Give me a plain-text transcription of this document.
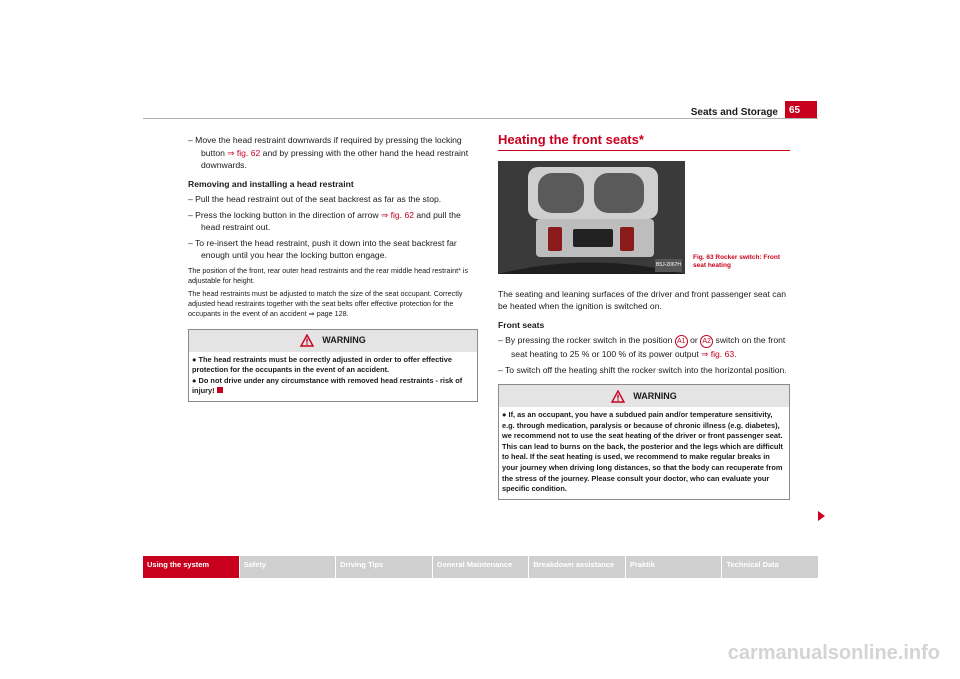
Seats and Storage	65
– Move the head restraint downwards if required by pressing the locking button ⇒ fig. 62 and by pressing with the other hand the head restraint downwards.
Removing and installing a head restraint
– Pull the head restraint out of the seat backrest as far as the stop.
– Press the locking button in the direction of arrow ⇒ fig. 62 and pull the head restraint out.
– To re-insert the head restraint, push it down into the seat backrest far enough until you hear the locking button engage.

The position of the front, rear outer head restraints and the rear middle head restraint* is adjustable for height.

The head restraints must be adjusted to match the size of the seat occupant. Correctly adjusted head restraints together with the seat belts offer effective protection for the occupants in the event of an accident ⇒ page 128.

WARNING
● The head restraints must be correctly adjusted in order to offer effective protection for the occupants in the event of an accident.
● Do not drive under any circumstance with removed head restraints - risk of injury!
Heating the front seats*
B5J-2067H
Fig. 63 Rocker switch: Front seat heating

The seating and leaning surfaces of the driver and front passenger seat can be heated when the ignition is switched on.

Front seats
– By pressing the rocker switch in the position A1 or A2 switch on the front seat heating to 25 % or 100 % of its power output ⇒ fig. 63.
– To switch off the heating shift the rocker switch into the horizontal position.
WARNING
● If, as an occupant, you have a subdued pain and/or temperature sensitivity, e.g. through medication, paralysis or because of chronic illness (e.g. diabetes), we recommend not to use the seat heating of the driver or front passenger seat. This can lead to burns on the back, the posterior and the legs which are difficult to heal. If the seat heating is used, we recommend to make regular breaks in your journey when driving long distances, so that the body can recuperate from the stress of the journey. Please consult your doctor, who can evaluate your specific condition.
Using the system	Safety	Driving Tips	General Maintenance	Breakdown assistance	Praktik	Technical Data
carmanualsonline.info
